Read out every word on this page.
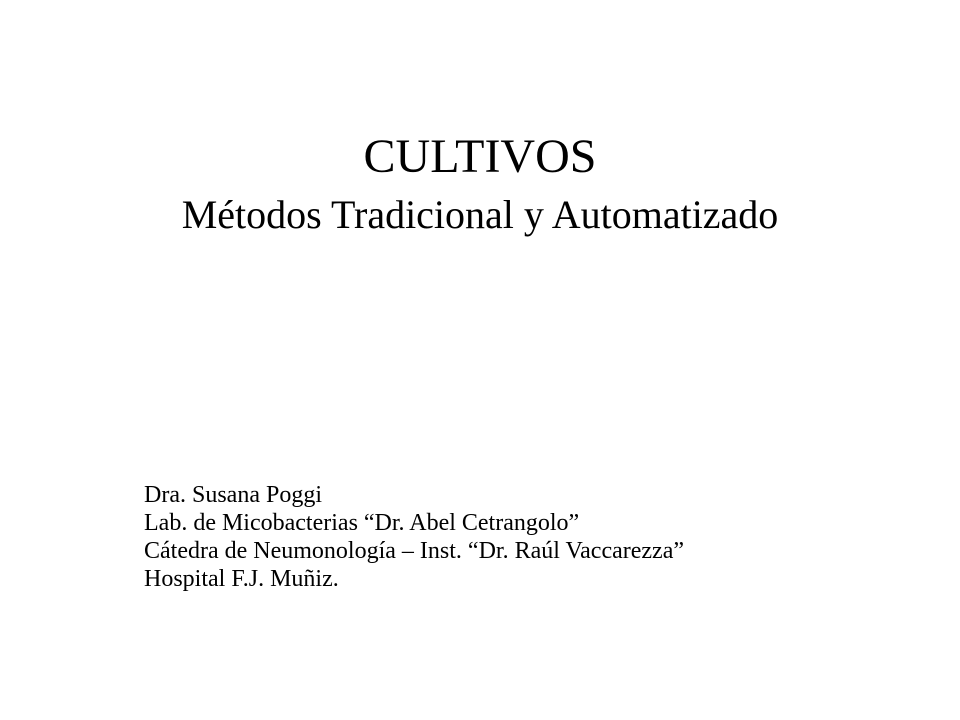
CULTIVOS
Métodos Tradicional y Automatizado
Dra. Susana Poggi
Lab. de Micobacterias “Dr. Abel Cetrangolo”
Cátedra de Neumonología – Inst. “Dr. Raúl Vaccarezza”
Hospital F.J. Muñiz.
